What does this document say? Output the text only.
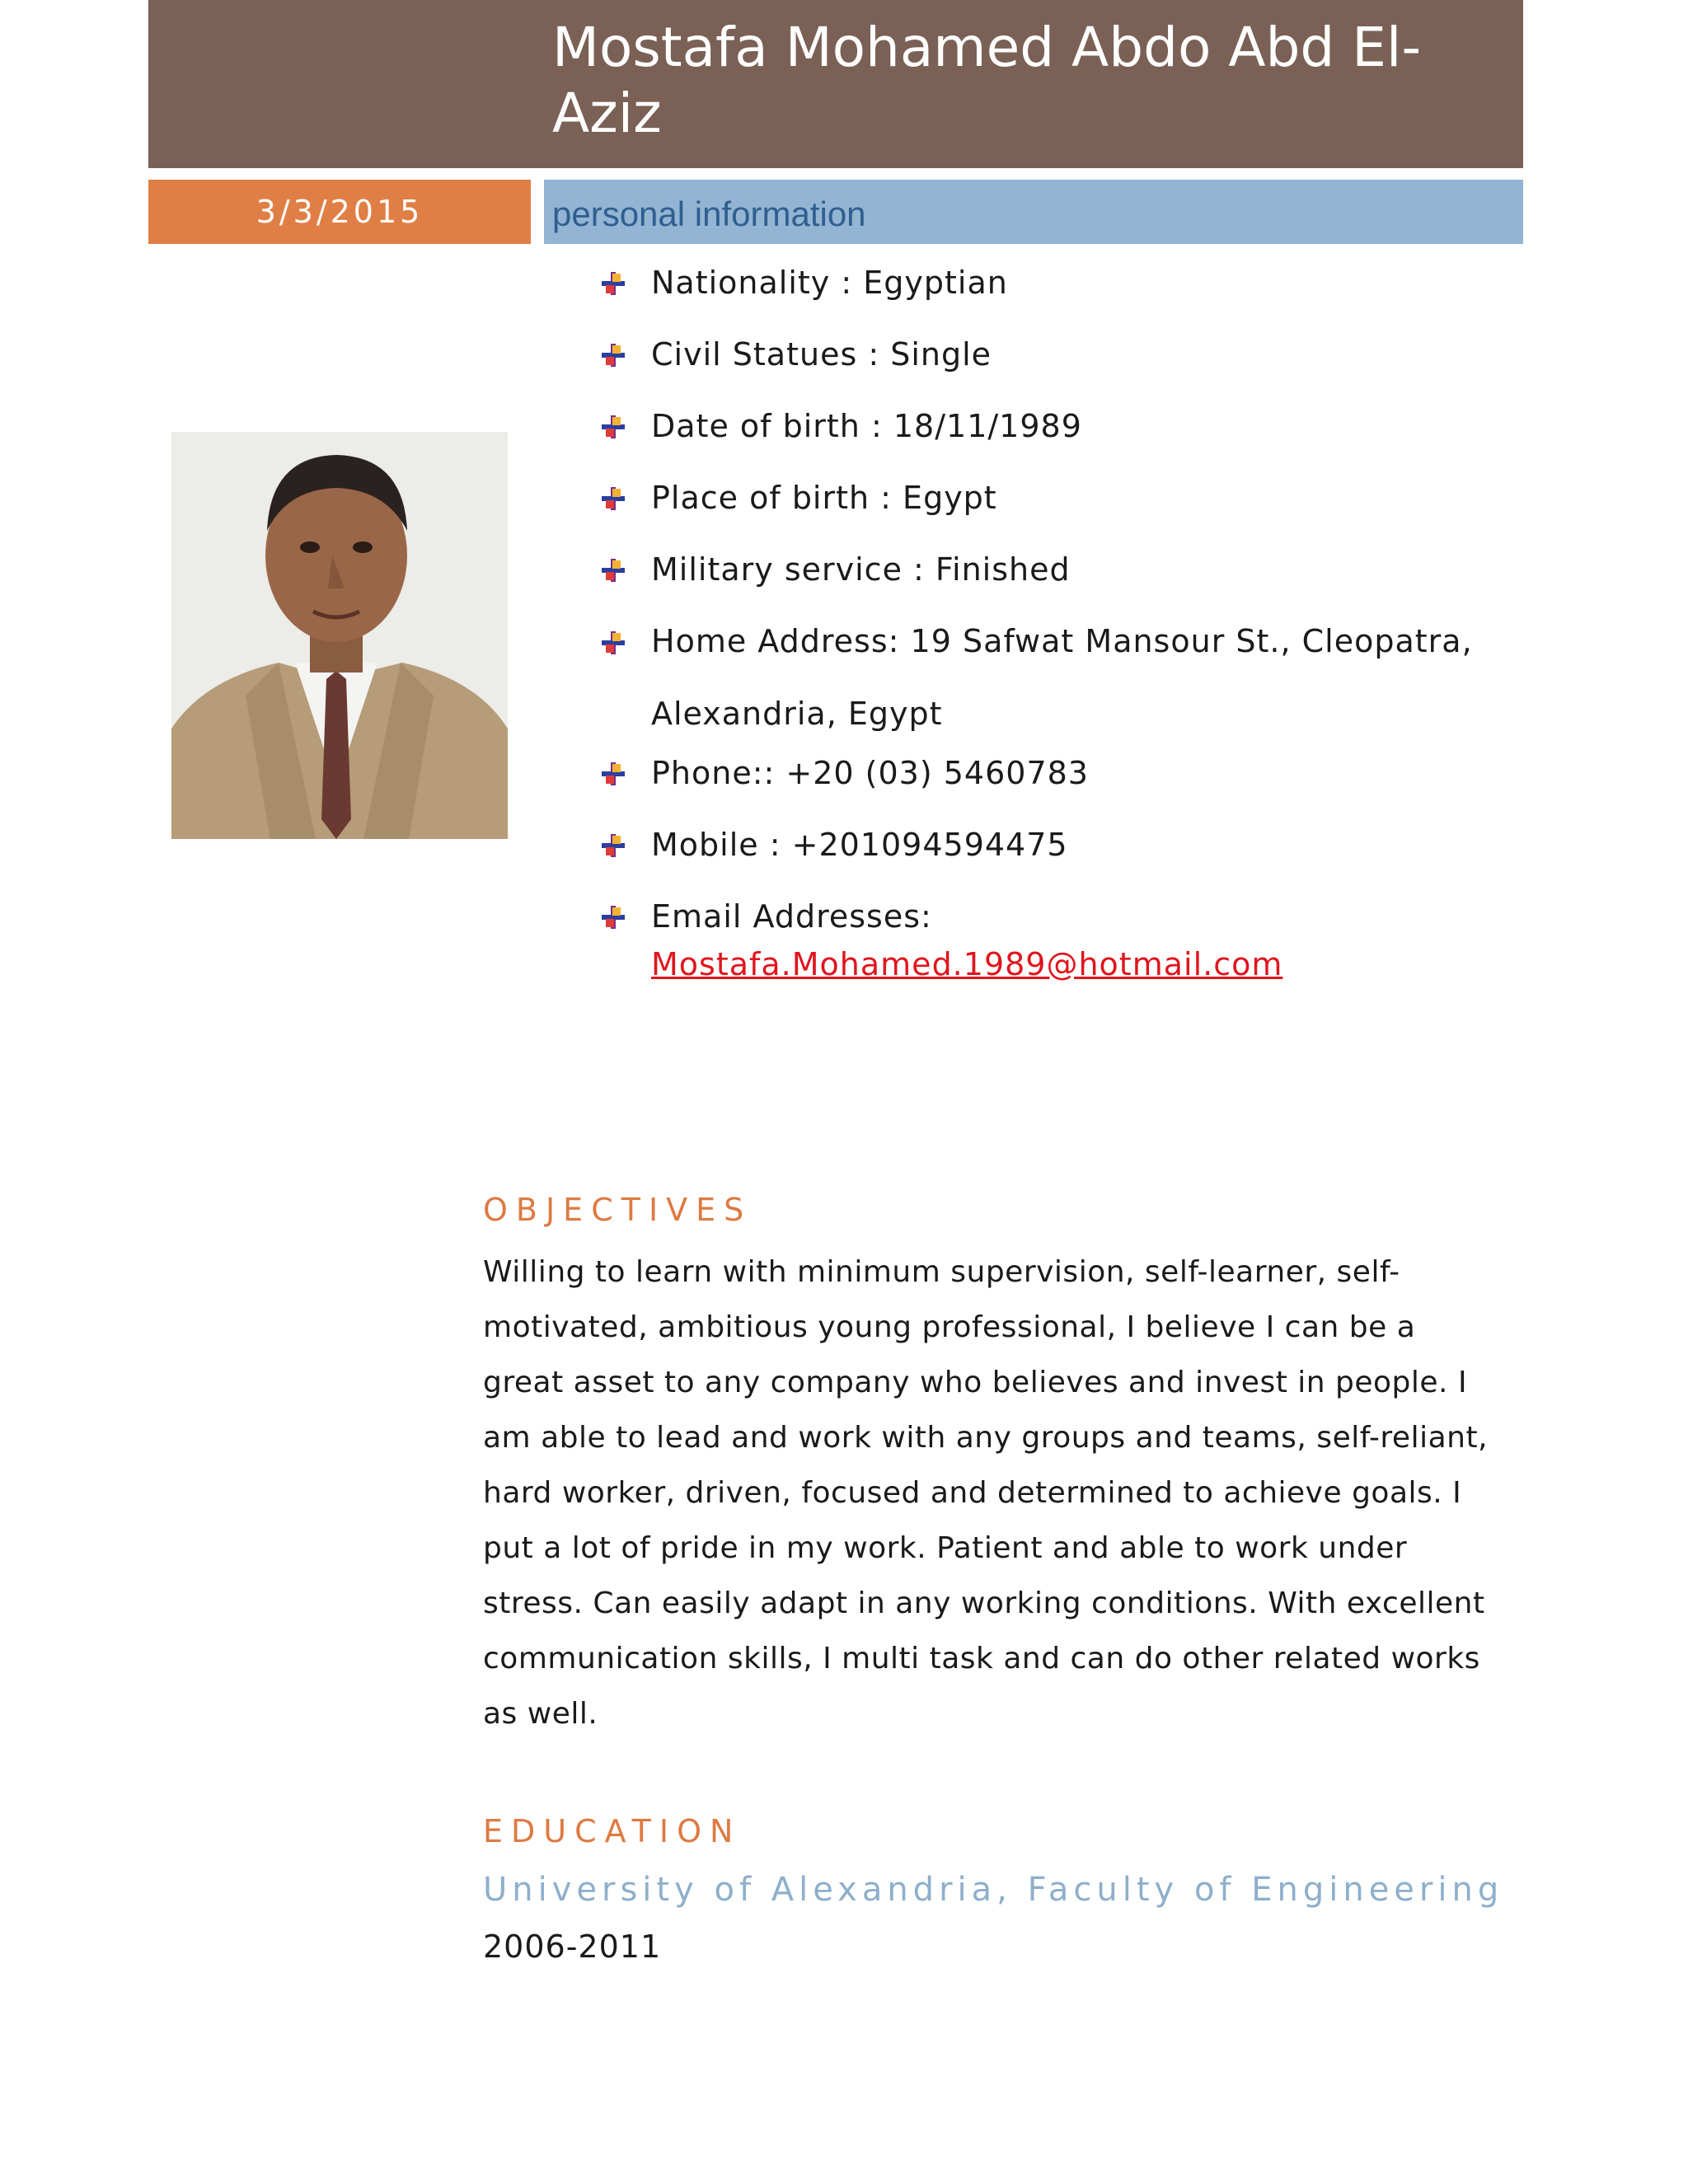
Mostafa Mohamed Abdo Abd El-Aziz
3/3/2015	personal information
Nationality : Egyptian
Civil Statues : Single
Date of birth : 18/11/1989
Place of birth : Egypt
Military service : Finished
Home Address: 19 Safwat Mansour St., Cleopatra, Alexandria, Egypt
Phone:: +20 (03) 5460783
Mobile : +201094594475
Email Addresses: Mostafa.Mohamed.1989@hotmail.com
OBJECTIVES

Willing to learn with minimum supervision, self-learner, self-motivated, ambitious young professional, I believe I can be a great asset to any company who believes and invest in people. I am able to lead and work with any groups and teams, self-reliant, hard worker, driven, focused and determined to achieve goals. I put a lot of pride in my work. Patient and able to work under stress. Can easily adapt in any working conditions. With excellent communication skills, I multi task and can do other related works as well.

EDUCATION

University of Alexandria, Faculty of Engineering

2006-2011
